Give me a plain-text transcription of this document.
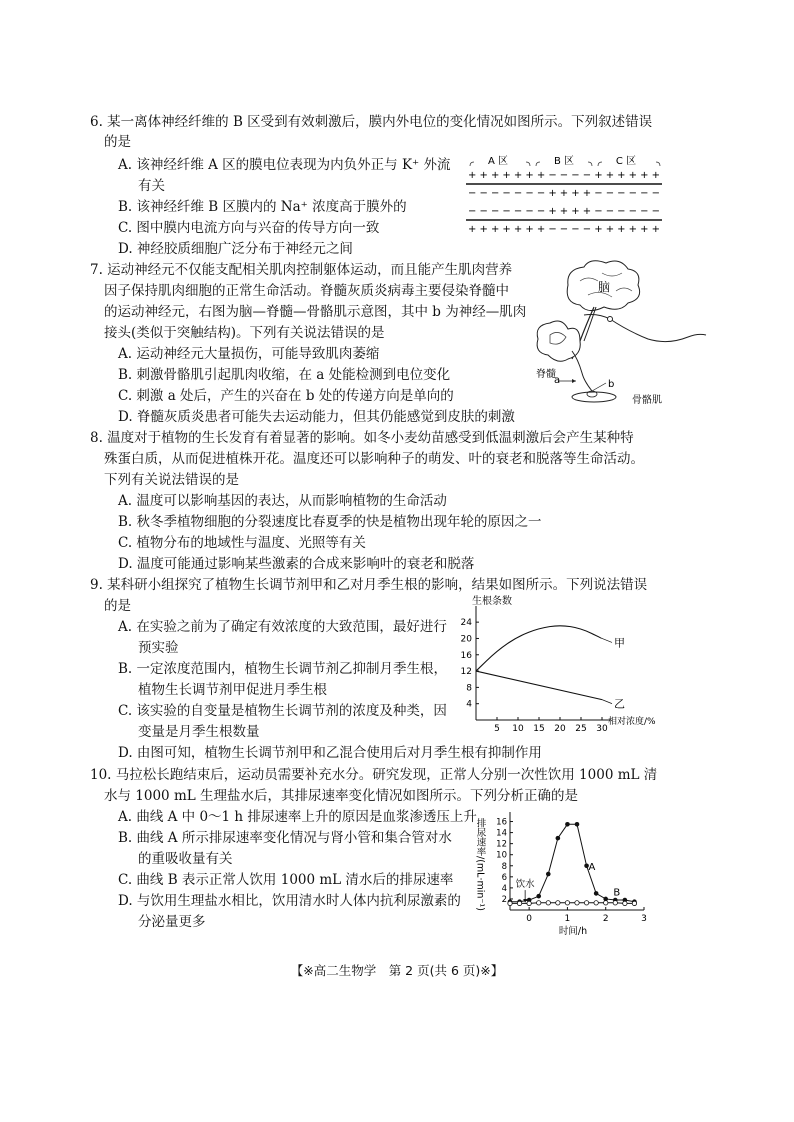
6. 某一离体神经纤维的 B 区受到有效刺激后，膜内外电位的变化情况如图所示。下列叙述错误
的是
A. 该神经纤维 A 区的膜电位表现为内负外正与 K⁺ 外流
有关
B. 该神经纤维 B 区膜内的 Na⁺ 浓度高于膜外的
C. 图中膜内电流方向与兴奋的传导方向一致
D. 神经胶质细胞广泛分布于神经元之间
A 区	B 区	C 区
+ + + + + + + − − − − + + + + + +
− − − − − − − + + + + − − − − − −
− − − − − − − + + + + − − − − − −
+ + + + + + + − − − − + + + + + +
7. 运动神经元不仅能支配相关肌肉控制躯体运动，而且能产生肌肉营养
因子保持肌肉细胞的正常生命活动。脊髓灰质炎病毒主要侵染脊髓中
的运动神经元，右图为脑—脊髓—骨骼肌示意图，其中 b 为神经—肌肉
接头(类似于突触结构)。下列有关说法错误的是
A. 运动神经元大量损伤，可能导致肌肉萎缩
B. 刺激骨骼肌引起肌肉收缩，在 a 处能检测到电位变化
C. 刺激 a 处后，产生的兴奋在 b 处的传递方向是单向的
D. 脊髓灰质炎患者可能失去运动能力，但其仍能感觉到皮肤的刺激
脑
脊髓
a	b
骨骼肌
8. 温度对于植物的生长发育有着显著的影响。如冬小麦幼苗感受到低温刺激后会产生某种特
殊蛋白质，从而促进植株开花。温度还可以影响种子的萌发、叶的衰老和脱落等生命活动。
下列有关说法错误的是
A. 温度可以影响基因的表达，从而影响植物的生命活动
B. 秋冬季植物细胞的分裂速度比春夏季的快是植物出现年轮的原因之一
C. 植物分布的地域性与温度、光照等有关
D. 温度可能通过影响某些激素的合成来影响叶的衰老和脱落
9. 某科研小组探究了植物生长调节剂甲和乙对月季生根的影响，结果如图所示。下列说法错误
的是
A. 在实验之前为了确定有效浓度的大致范围，最好进行
预实验
B. 一定浓度范围内，植物生长调节剂乙抑制月季生根，
植物生长调节剂甲促进月季生根
C. 该实验的自变量是植物生长调节剂的浓度及种类，因
变量是月季生根数量
D. 由图可知，植物生长调节剂甲和乙混合使用后对月季生根有抑制作用
生根条数
相对浓度/%
5 10 15 20 25 30
4
8
12
16
20
24
甲
乙
10. 马拉松长跑结束后，运动员需要补充水分。研究发现，正常人分别一次性饮用 1000 mL 清
水与 1000 mL 生理盐水后，其排尿速率变化情况如图所示。下列分析正确的是
A. 曲线 A 中 0～1 h 排尿速率上升的原因是血浆渗透压上升
B. 曲线 A 所示排尿速率变化情况与肾小管和集合管对水
的重吸收量有关
C. 曲线 B 表示正常人饮用 1000 mL 清水后的排尿速率
D. 与饮用生理盐水相比，饮用清水时人体内抗利尿激素的
分泌量更多
排尿速率/(mL·min⁻¹)
时间/h
0	1	2	3
2
4
6
8
10
12
14
16
饮水
A
B
【※高二生物学　第 2 页(共 6 页)※】
